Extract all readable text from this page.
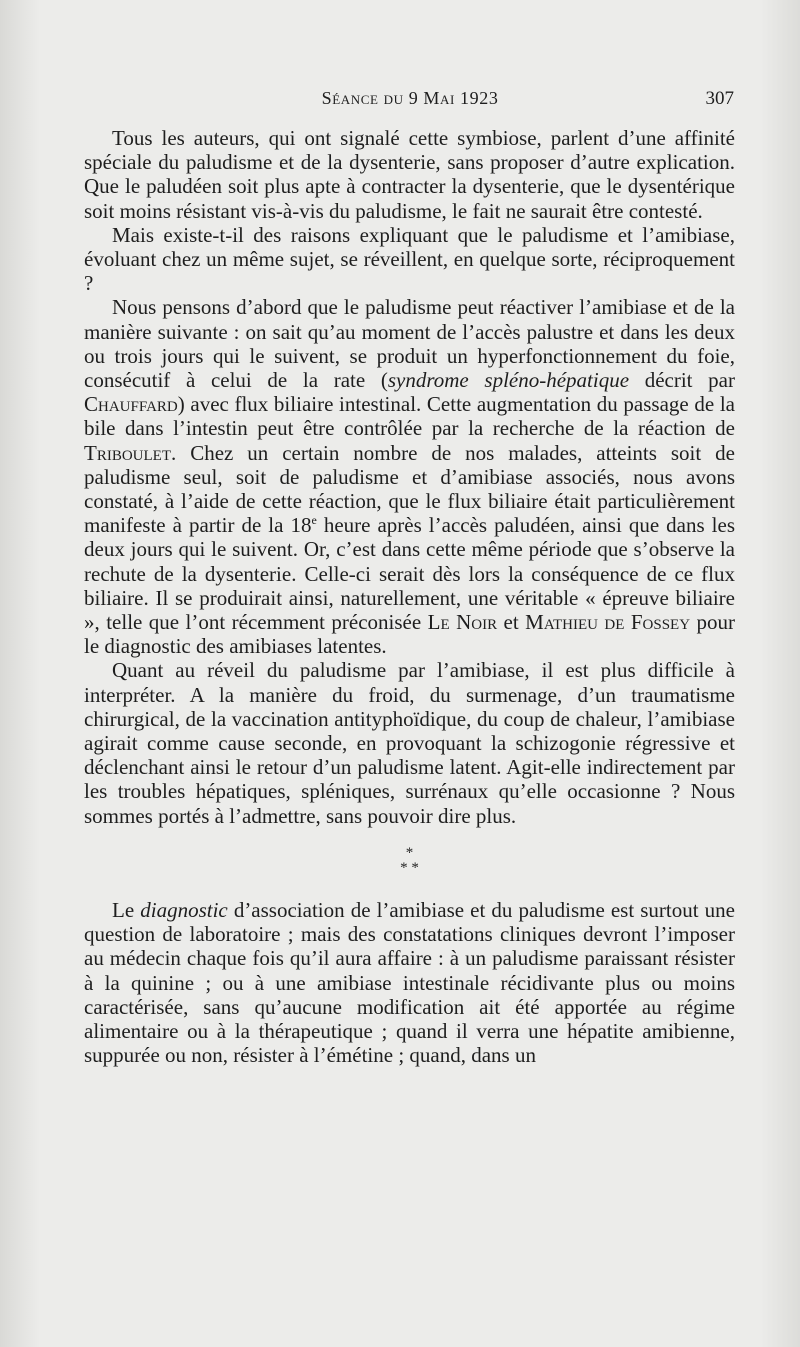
Séance du 9 Mai 1923	307

Tous les auteurs, qui ont signalé cette symbiose, parlent d’une affinité spéciale du paludisme et de la dysenterie, sans proposer d’autre explication. Que le paludéen soit plus apte à contracter la dysenterie, que le dysentérique soit moins résistant vis-à-vis du paludisme, le fait ne saurait être contesté.

Mais existe-t-il des raisons expliquant que le paludisme et l’amibiase, évoluant chez un même sujet, se réveillent, en quelque sorte, réciproquement ?

Nous pensons d’abord que le paludisme peut réactiver l’amibiase et de la manière suivante : on sait qu’au moment de l’accès palustre et dans les deux ou trois jours qui le suivent, se produit un hyperfonctionnement du foie, consécutif à celui de la rate (syndrome spléno-hépatique décrit par Chauffard) avec flux biliaire intestinal. Cette augmentation du passage de la bile dans l’intestin peut être contrôlée par la recherche de la réaction de Triboulet. Chez un certain nombre de nos malades, atteints soit de paludisme seul, soit de paludisme et d’amibiase associés, nous avons constaté, à l’aide de cette réaction, que le flux biliaire était particulièrement manifeste à partir de la 18e heure après l’accès paludéen, ainsi que dans les deux jours qui le suivent. Or, c’est dans cette même période que s’observe la rechute de la dysenterie. Celle-ci serait dès lors la conséquence de ce flux biliaire. Il se produirait ainsi, naturellement, une véritable « épreuve biliaire », telle que l’ont récemment préconisée Le Noir et Mathieu de Fossey pour le diagnostic des amibiases latentes.

Quant au réveil du paludisme par l’amibiase, il est plus difficile à interpréter. A la manière du froid, du surmenage, d’un traumatisme chirurgical, de la vaccination antityphoïdique, du coup de chaleur, l’amibiase agirait comme cause seconde, en provoquant la schizogonie régressive et déclenchant ainsi le retour d’un paludisme latent. Agit-elle indirectement par les troubles hépatiques, spléniques, surrénaux qu’elle occasionne ? Nous sommes portés à l’admettre, sans pouvoir dire plus.

*
* *

Le diagnostic d’association de l’amibiase et du paludisme est surtout une question de laboratoire ; mais des constatations cliniques devront l’imposer au médecin chaque fois qu’il aura affaire : à un paludisme paraissant résister à la quinine ; ou à une amibiase intestinale récidivante plus ou moins caractérisée, sans qu’aucune modification ait été apportée au régime alimentaire ou à la thérapeutique ; quand il verra une hépatite amibienne, suppurée ou non, résister à l’émétine ; quand, dans un
